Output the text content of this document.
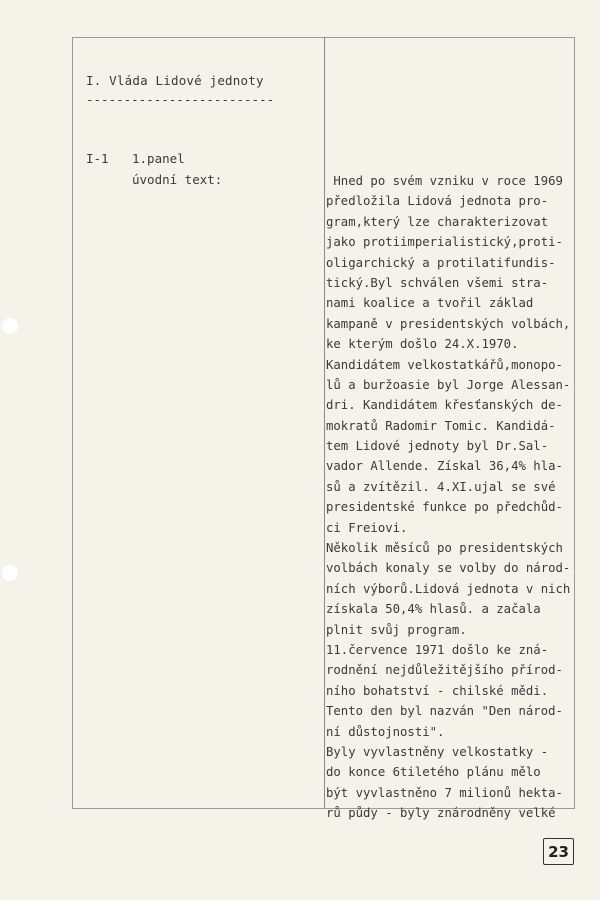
I. Vláda Lidové jednoty
-------------------------
I-1 1.panel
úvodní text:	Hned po svém vzniku v roce 1969
předložila Lidová jednota pro-
gram,který lze charakterizovat
jako protiimperialistický,proti-
oligarchický a protilatifundis-
tický.Byl schválen všemi stra-
nami koalice a tvořil základ
kampaně v presidentských volbách,
ke kterým došlo 24.X.1970.
Kandidátem velkostatkářů,monopo-
lů a buržoasie byl Jorge Alessan-
dri. Kandidátem křesťanských de-
mokratů Radomir Tomic. Kandidá-
tem Lidové jednoty byl Dr.Sal-
vador Allende. Získal 36,4% hla-
sů a zvítězil. 4.XI.ujal se své
presidentské funkce po předchůd-
ci Freiovi.
Několik měsíců po presidentských
volbách konaly se volby do národ-
ních výborů.Lidová jednota v nich
získala 50,4% hlasů. a začala
plnit svůj program.
11.července 1971 došlo ke zná-
rodnění nejdůležitějšího přírod-
ního bohatství - chilské mědi.
Tento den byl nazván "Den národ-
ní důstojnosti".
Byly vyvlastněny velkostatky -
do konce 6tiletého plánu mělo
být vyvlastněno 7 milionů hekta-
rů půdy - byly znárodněny velké
23
